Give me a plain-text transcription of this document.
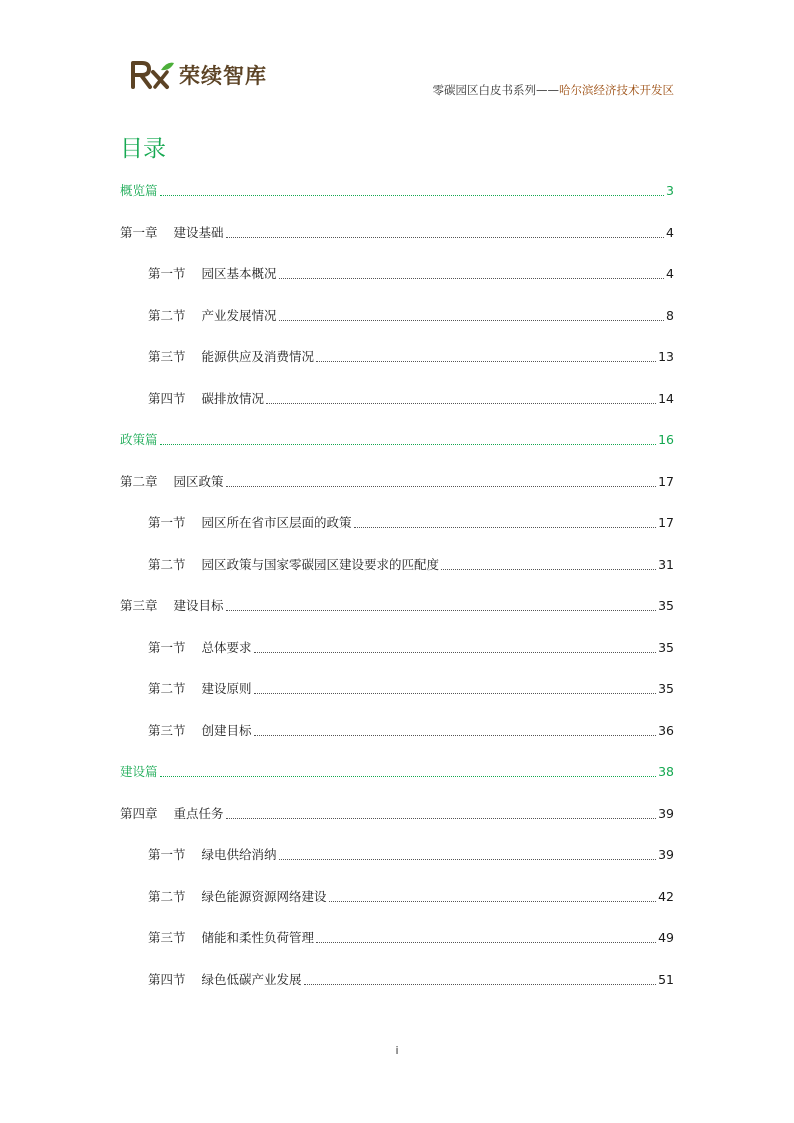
荣续智库
零碳园区白皮书系列——哈尔滨经济技术开发区
目录
概览篇	3
第一章 建设基础	4
第一节 园区基本概况	4
第二节 产业发展情况	8
第三节 能源供应及消费情况	13
第四节 碳排放情况	14
政策篇	16
第二章 园区政策	17
第一节 园区所在省市区层面的政策	17
第二节 园区政策与国家零碳园区建设要求的匹配度	31
第三章 建设目标	35
第一节 总体要求	35
第二节 建设原则	35
第三节 创建目标	36
建设篇	38
第四章 重点任务	39
第一节 绿电供给消纳	39
第二节 绿色能源资源网络建设	42
第三节 储能和柔性负荷管理	49
第四节 绿色低碳产业发展	51
i
